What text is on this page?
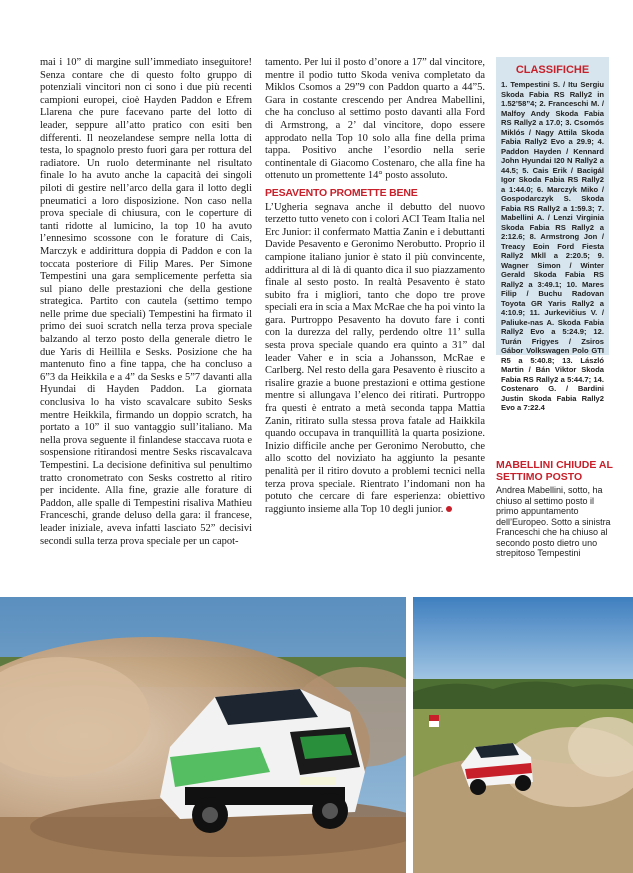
mai i 10” di margine sull’immediato inseguitore! Senza contare che di questo folto gruppo di potenziali vincitori non ci sono i due più recenti campioni europei, cioè Hayden Paddon e Efrem Llarena che pure facevano parte del lotto di leader, seppure all’atto pratico con esiti ben differenti. Il neozelandese sempre nella lotta di testa, lo spagnolo presto fuori gara per rottura del radiatore. Un ruolo determinante nel risultato finale lo ha avuto anche la capacità dei singoli piloti di gestire nell’arco della gara il lotto degli pneumatici a loro disposizione. Non caso nella prova speciale di chiusura, con le coperture di tanti ridotte al lumicino, la top 10 ha avuto l’ennesimo scossone con le forature di Cais, Marczyk e addirittura doppia di Paddon e con la toccata posteriore di Filip Mares. Per Simone Tempestini una gara semplicemente perfetta sia sul piano delle prestazioni che della gestione strategica. Partito con cautela (settimo tempo nelle prime due speciali) Tempestini ha firmato il primo dei suoi scratch nella terza prova speciale balzando al terzo posto della generale dietro le due Yaris di Heillila e Sesks. Posizione che ha mantenuto fino a fine tappa, che ha concluso a 6”3 da Heikkila e a 4” da Sesks e 5”7 davanti alla Hyundai di Hayden Paddon. La giornata conclusiva lo ha visto scavalcare subito Sesks mentre Heikkila, firmando un doppio scratch, ha portato a 10” il suo vantaggio sull’italiano. Ma nella prova seguente il finlandese staccava ruota e sospensione ritirandosi mentre Sesks riscavalcava Tempestini. La decisione definitiva sul penultimo tratto cronometrato con Sesks costretto al ritiro per incidente. Alla fine, grazie alle forature di Paddon, alle spalle di Tempestini risaliva Mathieu Franceschi, grande deluso della gara: il francese, leader iniziale, aveva infatti lasciato 52” decisivi secondi sulla terza prova speciale per un capot-

tamento. Per lui il posto d’onore a 17” dal vincitore, mentre il podio tutto Skoda veniva completato da Miklos Csomos a 29”9 con Paddon quarto a 44”5. Gara in costante crescendo per Andrea Mabellini, che ha concluso al settimo posto davanti alla Ford di Armstrong, a 2’ dal vincitore, dopo essere approdato nella Top 10 solo alla fine della prima tappa. Positivo anche l’esordio nella serie continentale di Giacomo Costenaro, che alla fine ha ottenuto un promettente 14° posto assoluto.

PESAVENTO PROMETTE BENE

L’Ugheria segnava anche il debutto del nuovo terzetto tutto veneto con i colori ACI Team Italia nel Erc Junior: il confermato Mattia Zanin e i debuttanti Davide Pesavento e Geronimo Nerobutto. Proprio il campione italiano junior è stato il più convincente, addirittura al di là di quanto dica il suo piazzamento finale al sesto posto. In realtà Pesavento è stato subito fra i migliori, tanto che dopo tre prove speciali era in scia a Max McRae che ha poi vinto la gara. Purtroppo Pesavento ha dovuto fare i conti con la durezza del rally, perdendo oltre 11’ sulla sesta prova speciale quando era quinto a 31” dal leader Vaher e in scia a Johansson, McRae e Carlberg. Nel resto della gara Pesavento è riuscito a risalire grazie a buone prestazioni e ottima gestione mentre si allungava l’elenco dei ritirati. Purtroppo fra questi è entrato a metà seconda tappa Mattia Zanin, ritirato sulla stessa prova fatale ad Haikkila quando occupava in tranquillità la quarta posizione. Inizio difficile anche per Geronimo Nerobutto, che allo scotto del noviziato ha aggiunto la pesante penalità per il ritiro dovuto a problemi tecnici nella terza prova speciale. Rientrato l’indomani non ha potuto che cercare di fare esperienza: obiettivo raggiunto insieme alla Top 10 degli junior.

CLASSIFICHE
1. Tempestini S. / Itu Sergiu Skoda Fabia RS Rally2 in 1.52’58”4; 2. Franceschi M. / Malfoy Andy Skoda Fabia RS Rally2 a 17.0; 3. Csomós Miklós / Nagy Attila Skoda Fabia Rally2 Evo a 29.9; 4. Paddon Hayden / Kennard John Hyundai I20 N Rally2 a 44.5; 5. Cais Erik / Bacigál Igor Skoda Fabia RS Rally2 a 1:44.0; 6. Marczyk Miko / Gospodarczyk S. Skoda Fabia RS Rally2 a 1:59.3; 7. Mabellini A. / Lenzi Virginia Skoda Fabia RS Rally2 a 2:12.6; 8. Armstrong Jon / Treacy Eoin Ford Fiesta Rally2 Mkll a 2:20.5; 9. Wagner Simon / Winter Gerald Skoda Fabia RS Rally2 a 3:49.1; 10. Mares Filip / Buchu Radovan Toyota GR Yaris Rally2 a 4:10.9; 11. Jurkevičius V. / Paliuke-nas A. Skoda Fabia Rally2 Evo a 5:24.9; 12. Turán Frigyes / Zsiros Gábor Volkswagen Polo GTI R5 a 5:40.8; 13. László Martin / Bán Viktor Skoda Fabia RS Rally2 a 5:44.7; 14. Costenaro G. / Bardini Justin Skoda Fabia Rally2 Evo a 7:22.4
MABELLINI CHIUDE AL SETTIMO POSTO
Andrea Mabellini, sotto, ha chiuso al settimo posto il primo appuntamento dell’Europeo. Sotto a sinistra Franceschi che ha chiuso al secondo posto dietro uno strepitoso Tempestini
